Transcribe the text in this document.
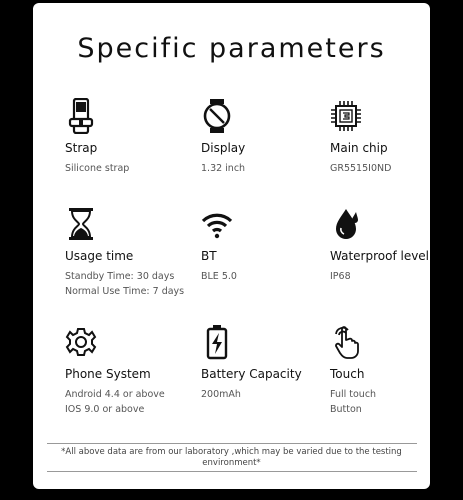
Specific parameters
Strap
Silicone strap
Display
1.32 inch
Main chip
GR5515I0ND
Usage time
Standby Time: 30 days
Normal Use Time: 7 days
BT
BLE 5.0
Waterproof level
IP68
Phone System
Android 4.4 or above
IOS 9.0 or above
Battery Capacity
200mAh
Touch
Full touch
Button
*All above data are from our laboratory ,which may be varied due to the testing environment*
